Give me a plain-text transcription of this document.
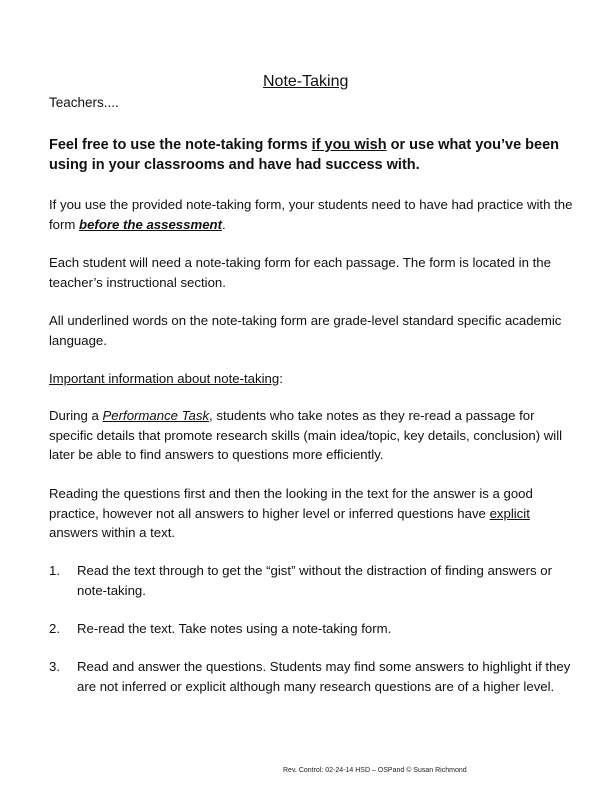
Note-Taking
Teachers....
Feel free to use the note-taking forms if you wish or use what you’ve been using in your classrooms and have had success with.
If you use the provided note-taking form, your students need to have had practice with the form before the assessment.
Each student will need a note-taking form for each passage. The form is located in the teacher’s instructional section.
All underlined words on the note-taking form are grade-level standard specific academic language.
Important information about note-taking:
During a Performance Task, students who take notes as they re-read a passage for specific details that promote research skills (main idea/topic, key details, conclusion) will later be able to find answers to questions more efficiently.
Reading the questions first and then the looking in the text for the answer is a good practice, however not all answers to higher level or inferred questions have explicit answers within a text.
1. Read the text through to get the “gist” without the distraction of finding answers or note-taking.
2. Re-read the text. Take notes using a note-taking form.
3. Read and answer the questions. Students may find some answers to highlight if they are not inferred or explicit although many research questions are of a higher level.
Rev. Control: 02-24-14 HSD – OSPand © Susan Richmond
